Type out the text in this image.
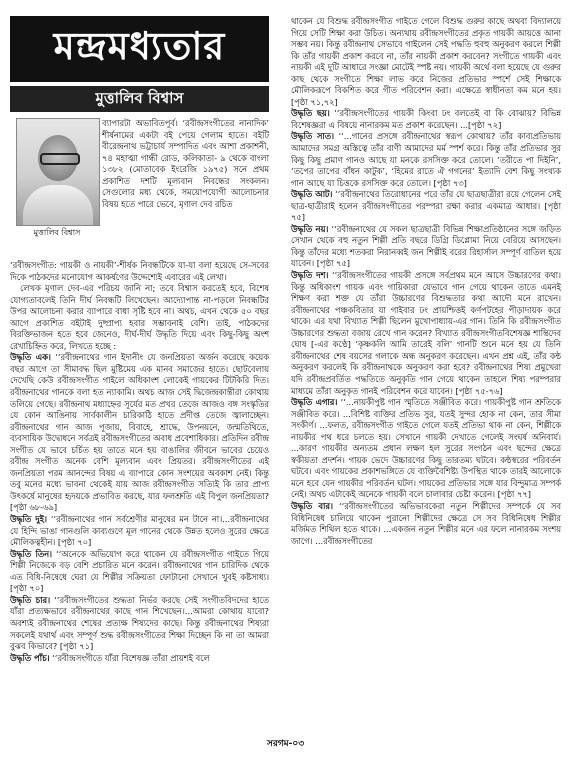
মন্দ্রমধ্যতার
মুত্তালিব বিশ্বাস
মুত্তালিব বিশ্বাস

ব্যাপারটা অভাবিতপূর্ব। ‘রবীন্দ্রসংগীতের নানাদিক’ শীর্ষনামের একটা বই পেয়ে গেলাম হাতে। বইটি বীরেন্দ্রনাথ ভট্টাচার্য সম্পাদিত এবং আশা প্রকাশনী, ৭৪ মহাত্মা গান্ধী রোড, কলিকাতা- ৯ থেকে বাংলা ১৩৮২ (মোতাবেক ইংরেজি ১৯৭৫) সনে প্রথম প্রকাশিত দশটি মূল্যবান নিবন্ধের সংকলন। সেগুলোর মধ্য থেকে, সময়োপযোগী আলোচনার বিষয় হতে পারে ভেবে, মৃণাল দেব রচিত

‘রবীন্দ্রসংগীত: গায়কী ও নায়কী’-শীর্ষক নিবন্ধটিকে যা-যা বলা হয়েছে সে-সবের দিকে পাঠকদের মনোযোগ আকর্ষণের উদ্দেশ্যেই এবারের এই লেখা।

লেখক মৃণাল দেব-এর পরিচয় জানি না; তবে বিশ্বাস করতেই হবে, বিশেষ যোগ্যতাবলেই তিনি দীর্ঘ নিবন্ধটি লিখেছেন। আদ্যোপান্ত না-পড়লে নিবন্ধটির উপর আলোচনা করার ব্যাপারে বাধা সৃষ্টি হবে না। অথচ, এখন থেকে ৫০ বছর আগে প্রকাশিত বইটাই দুষ্প্রাপ্য হবার সম্ভাবনাই বেশি। তাই, পাঠকদের বিরক্তিভাজন হতে হবে জেনেও, দীর্ঘ-দীর্ঘ উদ্ধৃতি দিয়ে এবং কিছু-কিছু অংশ রেখাচিহ্নিত করে, লিখতে হচ্ছে :

উদ্ধৃতি এক। ‘‘রবীন্দ্রনাথের গান ইদানীং যে জনপ্রিয়তা অর্জন করেছে কয়েক বছর আগে তা সীমাবদ্ধ ছিল মুষ্টিমেয় এক মানব সমাজের হাতে। ছোটবেলায় দেখেছি কেউ রবীন্দ্রসংগীত গাইলে অধিকাংশ লোকেই গায়কের টিটকিরি দিত। রবীন্দ্রনাথের গানকে বলা হত ন্যাকামি। অথচ আজ সেই দ্বিজেন্দ্রকান্তীরা কোথায় তলিয়ে গেছে। রবীন্দ্রনাথ মধ্যাহ্নের সূর্যের মত প্রখর তেজে আজও বঙ্গ সংস্কৃতির যে কোন আঙিনায় সার্বকালীন চারিকাঠি হাতে প্রদীপ্ত তেজে জ্বালাচ্ছেন। রবীন্দ্রনাথের গান আজ পূজায়, বিবাহে, শ্রাদ্ধে, উপনয়নে, জন্মতিথিতে, ব্যবসায়িক উদ্বোধনে সর্বত্রই রবীন্দ্রসংগীতের অবাধ প্রবেশাধিকার। প্রতিদিন রবীন্দ্র সংগীত যে ভাবে চর্চিত হয় তাতে মনে হয় বাঙালির জীবনে ভাবের চেয়েও রবীন্দ্র সংগীত অনেক বেশি মূল্যবান এবং প্রিয়তর। রবীন্দ্রসংগীতের এই জনপ্রিয়তা পরম আনন্দের বিষয় এ ব্যাপারে কোন সংশয়ের অবকাশ নেই। কিন্তু তবু মনের মধ্যে ভাবনা থেকেই যায় আজ রবীন্দ্রসংগীত সত্যিই কি তার প্রাপ্য উৎকর্ষে মানুষের হৃদয়কে প্রভাবিত করছে, যার ফলশ্রুতি এই বিপুল জনপ্রিয়তা? [পৃষ্ঠা ৬৮-৬৯]

উদ্ধৃতি দুই। ‘‘রবীন্দ্রনাথের গান সর্বশ্রেণীর মানুষের মন টানে না।...রবীন্দ্রনাথের যে হিন্দি ভাঙা গানগুলি কাব্যগুণে মূল গানের থেকে উন্নত হলেও সুরের ক্ষেত্রে মৌলিকত্বহীন। [পৃষ্ঠা ৭০]

উদ্ধৃতি তিন। ‘‘অনেকে অভিযোগ করে থাকেন যে রবীন্দ্রসংগীত গাইতে গিয়ে শিল্পী নিজেকে বড় বেশি প্রচারিত মনে করেন। রবীন্দ্রনাথের গান চারিদিক থেকে এত বিধি-নিষেধে ঘেরা যে শিল্পীর সক্রিয়তা ফোটানো সেখানে খুবই কষ্টসাধ্য। [পৃষ্ঠা ৭০]

উদ্ধৃতি চার। ‘‘রবীন্দ্রসংগীতের শুদ্ধতা নির্ভর করছে সেই সংগীতবিদদের হাতে যাঁরা প্রত্যক্ষভাবে রবীন্দ্রনাথের কাছে গান শিখেছেন।...আমরা কোথায় যাবো? অবশ্যই রবীন্দ্রনাথের শেষের প্রত্যক্ষ শিষ্যদের কাছে। কিন্তু রবীন্দ্রনাথের শিষ্যরা সকলেই যথার্থ এবং সম্পূর্ণ শুদ্ধ রবীন্দ্রসংগীতের শিক্ষা দিচ্ছেন কি না তা আমরা বুঝব কিভাবে? [পৃষ্ঠা ৭১]

উদ্ধৃতি পাঁচ। ‘‘রবীন্দ্রসংগীতে যাঁরা বিশেষজ্ঞ তাঁরা প্রায়শই বলে

থাকেন যে বিশুদ্ধ রবীন্দ্রসংগীত গাইতে গেলে বিশুদ্ধ গুরুর কাছে অথবা বিদ্যালয়ে গিয়ে সেটি শিক্ষা করা উচিত। অন্যথায় রবীন্দ্রসংগীতের প্রকৃত গায়কী আয়ত্তে আনা সম্ভব নয়। কিন্তু রবীন্দ্রনাথ সেভাবে গাইলেন সেই পদ্ধতি হুবহু অনুকরণ করলে শিল্পী কি তাঁর গায়কী প্রকাশ করবে না, তাঁর নায়কী প্রকাশ করবেন? সংগীতে গায়কী এবং নায়কী এই দুটি আধারে সংজ্ঞা মোটেই স্পষ্ট নয়। গায়কী অর্থে বলা হয়েছে যে গুরুর কাছ থেকে সংগীতে শিক্ষা লাভ করে নিজের প্রতিভার স্পর্শে সেই শিক্ষাকে মৌলিকরূপে বিকশিত করে গীত পরিবেশন করা। এক্ষেত্রে স্বাধীনতা কম মনে হয়। [পৃষ্ঠা ৭১,৭২]

উদ্ধৃতি ছয়। ‘‘রবীন্দ্রসংগীতের গায়কী কিংবা ঢং বলতেই বা কি বোঝায়? বিভিন্ন বিশেষজ্ঞরা এ বিষয়ে নানারকম মত প্রকাশ করেছেন। ...[পৃষ্ঠা ৭২]

উদ্ধৃতি সাত। ‘‘...গানের প্রসঙ্গে রবীন্দ্রনাথের স্বরূপ কোথায়? তাঁর কাব্যপ্রতিভায় আমাদের সমগ্র অস্তিত্বে তাঁর বাণী আমাদের মর্ম স্পর্শ করে। কিন্তু তাঁর প্রতিভার সুর কিছু কিছু প্রমাণ গানও আছে যা মনকে রসসিক্ত করে তোলে। ‘তরীতে পা দিইনি’, ‘তপের তাপের বাঁধন কাটুক’, ‘হিমের রাতে ঐ গগনের’ ইত্যাদি বেশ কিছু সংখ্যক গান আছে যা চিত্তকে রসসিক্ত করে তোলে। [পৃষ্ঠা ৭৩]

উদ্ধৃতি আট। ‘‘রবীন্দ্রনাথের তিরোধানের পরে তাঁর যে ছাত্রছাত্রীরা রয়ে গেলেন সেই ছাত্র-ছাত্রীরাই হলেন রবীন্দ্রসংগীতের পরম্পরা রক্ষা করার একমাত্র আধার। [পৃষ্ঠা ৭৫]

উদ্ধৃতি নয়। ‘‘রবীন্দ্রনাথের যে সকল ছাত্রছাত্রী বিভিন্ন শিক্ষাপ্রতিষ্ঠানের সঙ্গে জড়িত সেখান থেকে বহু নতুন শিল্পী প্রতি বছরে ডিগ্রি ডিপ্লোমা নিয়ে বেরিয়ে আসছেন। কিন্তু তাঁদের মধ্যে শতকরা নিরানব্বই জন শিল্পীই বরের রিহার্সাল সম্পূর্ণ বাতিল হয়ে যাবেন। [পৃষ্ঠা ৭৫]

উদ্ধৃতি দশ। ‘‘রবীন্দ্রসংগীতের গায়কী প্রসঙ্গে সর্বপ্রথম মনে আসে উচ্চারণের কথা। কিন্তু অধিকাংশ গায়ক এবং গায়িকারা যেভাবে গান গেয়ে থাকেন তাতে এমনই শিক্ষণ করা শক্ত যে তাঁরা উচ্চারণের বিশুদ্ধতার কথা আদৌ মনে রাখেন। রবীন্দ্রনাথের পঞ্চকবিতার যা গাইবার ঢং প্রায়শ্চিত্তই কর্ণপটহের পীড়াদায়ক করে থাকে। এর যথা বিখ্যাত শিল্পী ছিলেন মুখোপাধ্যায়-এর গান। তিনি কি রবীন্দ্রসংগীত উচ্চারণের শুদ্ধতা বজায় রেখে গান করেন? বিখ্যাত রবীন্দ্রসংগীতবিশেষজ্ঞ শান্তিদেব ঘোষ [-এর কণ্ঠে] ‘কৃষ্ণকলি আমি তারেই বলি’ গানটি শুনে মনে হয় যে তিনি রবীন্দ্রনাথের শেষ বয়সের গলাকে অন্ধ অনুকরণ করেছেন। এখন প্রশ্ন এই, তাঁর কন্ঠ অনুকরণ করলেই কি রবীন্দ্রনাথকে অনুকরণ করা হবে? রবীন্দ্রনাথের শিষ্য প্রমুখেরা যদি রবীন্দ্রপ্রবর্তিত পদ্ধতিতে অনুকৃতি গান গেয়ে থাকেন তাহলে শিষ্য পরম্পরার মাধ্যমে তাঁরা অনুকৃত গানই পরিবেশন করে যাবেন। [পৃষ্ঠা ৭৫-৭৬]

উদ্ধৃতি এগার। ‘‘...নায়কীপুষ্ট গান স্মৃতিতে সঞ্জীবিত করে। গায়কীপুষ্ট গান শ্রুতিকে সঞ্জীবিত করে। ...বিশিষ্ট ব্যক্তির প্রতিভ সুর, যতই সুন্দর হোক না কেন, তার সীমা সংকীর্ণ। ...ফলত, রবীন্দ্রসংগীত গাইতে গেলে যতই প্রতিভা থাক না কেন, শিল্পীকে নায়কীর পথ ধরে চলতে হয়। সেখানে গায়কী দেখাতে গেলেই সংঘর্ষ অনিবার্য। ...কারণ গায়কীর অন্যতম প্রধান লক্ষণ হল সুরের সংগঠন এবং ছন্দের ক্ষেত্রে স্বকীয়তা প্রদর্শন। গায়ক ভেদে উচ্চারণের কিছু তারতম্য ঘটবে। কন্ঠস্বরের পরিবর্তন ঘটবে। এবং গায়কের প্রকাশভঙ্গিতে যে ব্যক্তিবৈশিষ্ট্য উপস্থিত থাকে তারই আলোকে মনে হবে যেন গায়কীর পরিবর্তন ঘটল। গায়কের প্রতিভার সঙ্গে যার বিন্দুমাত্র সম্পর্ক নেই। অথচ এটাকেই অনেকে গায়কী বলে চালাবার চেষ্টা করেন। [পৃষ্ঠা ৭৭]

উদ্ধৃতি বার। ‘‘রবীন্দ্রসংগীতের অভিভাবকেরা নতুন শিল্পীদের সম্পর্কে যে সব বিধিনিষেধ চালিয়ে থাকেন পুরানো শিল্পীদের ক্ষেত্রে সে সব বিধিনিষেধ শিল্পীর মর্জিমত শিথিল হতে থাকে। ...একজন নতুন শিল্পীর মনে এর ফলে নানারকম সংশয় জাগে। ...রবীন্দ্রসংগীতের

সরগম-০৩
